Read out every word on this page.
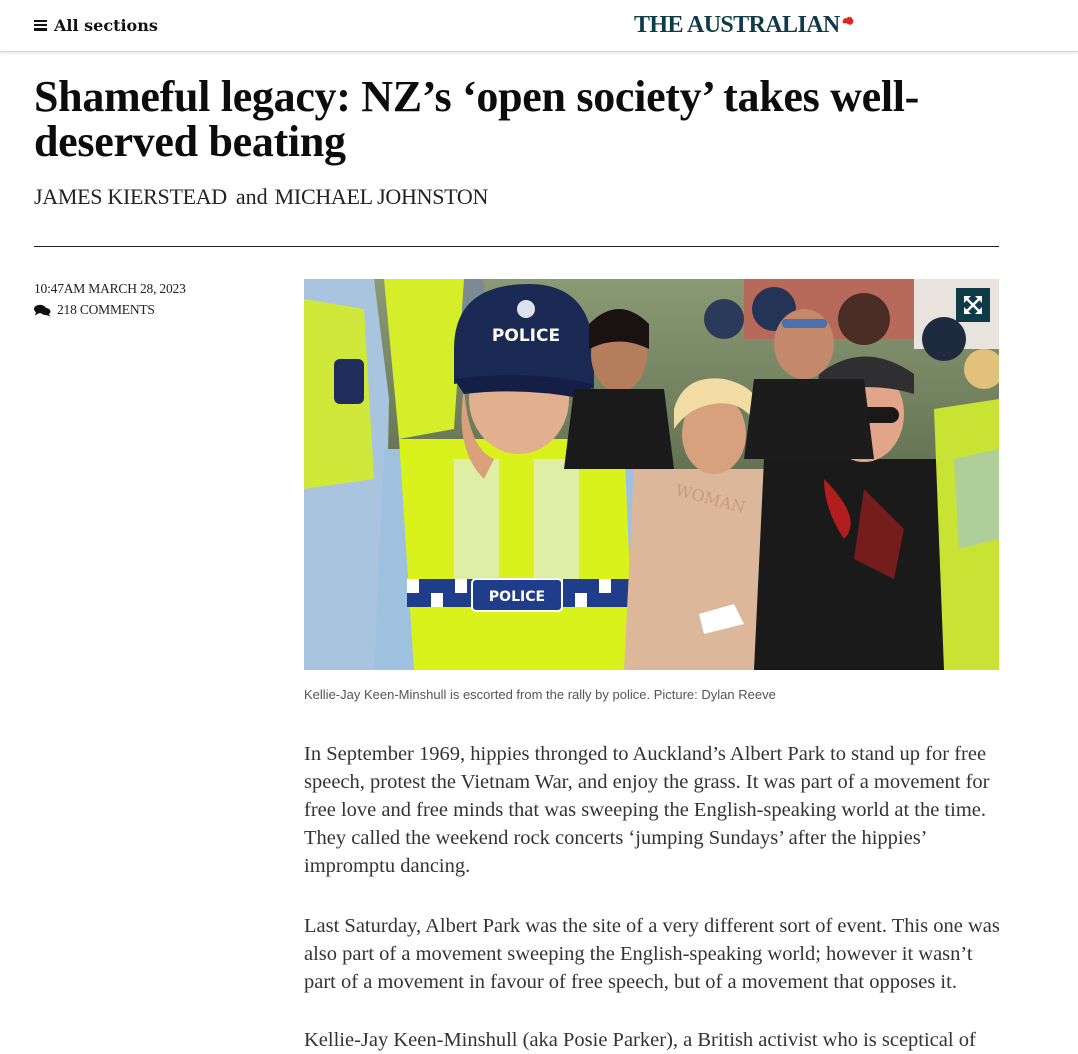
All sections	THE AUSTRALIAN
Shameful legacy: NZ’s ‘open society’ takes well-deserved beating
JAMES KIERSTEAD and MICHAEL JOHNSTON
10:47AM MARCH 28, 2023
218 COMMENTS
POLICE
POLICE
WOMAN
Kellie-Jay Keen-Minshull is escorted from the rally by police. Picture: Dylan Reeve

In September 1969, hippies thronged to Auckland’s Albert Park to stand up for free speech, protest the Vietnam War, and enjoy the grass. It was part of a movement for free love and free minds that was sweeping the English-speaking world at the time. They called the weekend rock concerts ‘jumping Sundays’ after the hippies’ impromptu dancing.

Last Saturday, Albert Park was the site of a very different sort of event. This one was also part of a movement sweeping the English-speaking world; however it wasn’t part of a movement in favour of free speech, but of a movement that opposes it.

Kellie-Jay Keen-Minshull (aka Posie Parker), a British activist who is sceptical of
